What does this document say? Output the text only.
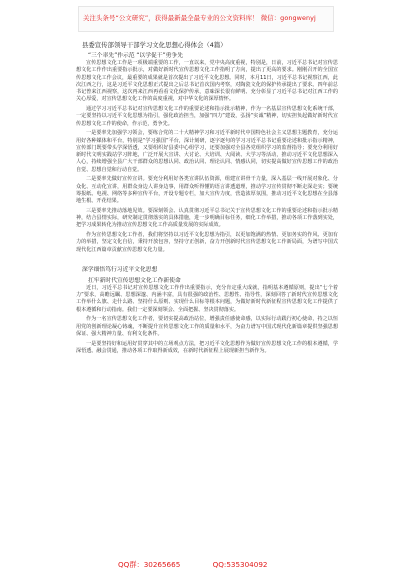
关注头条号“公文研究”，获得最新最全最专业的公文资料库！ 微信：gongwenyj
县委宣传部领导干部学习文化思想心得体会（4篇）
“三个率先”作示范 “以学促干”勇争先

宣传思想文化工作是一项极端重要的工作，一直以来，党中央高度重视，特别是，日前，习近平总书记对宣传思想文化工作作出重要指示批示，对做好新时代宣传思想文化工作指明了方向，提出了更高的要求。刚刚召开的全国宣传思想文化工作会议，最重要的成果就是首次提出了习近平文化思想。同时，本月11日，习近平总书记视察江西，此次江西之行，这是习近平文化思想正式提出之后总书记首次国内考察，对陶瓷文化的保护传承提出了要求。四年前总书记曾来江西视察，这次再来江西再看看文化保护传承，意味深长很有鲜明、充分彰显了习近平总书记对江西工作的关心厚爱，对宣传思想文化工作的高度重视，对中华文化的深厚情怀。

通过学习习近平总书记对宣传思想文化工作的重要论述和指示批示精神，作为一名基层宣传思想文化系统干部，一定要坚持以习近平文化思想为指引，强化政治担当，加强“四力”建设，弘扬“实诚”精神，切实担负起做好新时代宣传思想文化工作的使命，作示范，勇争先。

一是要率先加强学习领会，要练合党的二十大精神学习和习近平新时代中国特色社会主义思想主题教育，充分运用好各种媒体和平台，特别是“学习强国”平台，深计刻研，逐字逐句的学习习近平总书记重要论述和批示指示精神，宣传部门既要带头学深悟透，又要组织好县委中心组学习，还要加强对全县各党组织学习的监督指导；要充分利用好新时代文明实践站学习阵地，广泛开展大宣讲、大讨论、大培训、大阅读、大学习等活动，推动习近平文化思想深入人心，持续增强全县广大干部群众的思想认同、政治认同、理论认同、情感认同，切实提高做好宣传思想工作的政治自觉、思想自觉和行动自觉。

二是要率先做好宣传宣讲。要充分利用好各类宣讲队伍资源，组建宣讲骨干力量，深入基层一线开展对象化、分众化、互动化宣讲，用群众身边人讲身边事，用群众听得懂的语言讲透道理，推动学习宣传贯彻不断走深走实；要统筹报纸、电视、网络等多种宣传平台，开设专题专栏，加大宣传力度，营造浓厚氛围，推动习近平文化思想在全县落地生根、开花结果。

三是要率先推动落地见效。要深刻领会、认真贯彻习近平总书记关于宣传思想文化工作的重要论述和指示批示精神，结合县情实际，研究制定贯彻落实的具体措施，进一步明确目标任务，细化工作举措，推动各项工作落到实处，把学习成果转化为推动宣传思想文化工作高质量发展的实际成效。

作为宣传思想文化工作者，我们将坚持以习近平文化思想为指引，以更加饱满的热情、更加务实的作风、更加有力的举措，坚定文化自信，秉持开放包容，坚持守正创新，奋力开创新时代宣传思想文化工作新局面，为谱写中国式现代化江西篇章贡献宣传思想文化力量。

深学细悟笃行习近平文化思想
扛牢新时代宣传思想文化工作新使命

近日，习近平总书记对宣传思想文化工作作出重要指示，充分肯定重大成就，指明基本遵循原则，提出“七个着力”要求，高瞻远瞩、思想深邃、内涵丰富，具有很强的政治性、思想性、指导性，深刻回答了新时代宣传思想文化工作举什么旗、走什么路、坚持什么原则、实现什么目标等根本问题，为做好新时代新征程宣传思想文化工作提供了根本遵循和行动指南。我们一定要深刻领会、全面把握、坚决贯彻落实。

作为一名宣传思想文化工作者，要切实提高政治站位，增强责任感使命感，以实际行动践行初心使命，持之以恒用党的创新理论凝心铸魂，不断提升宣传思想文化工作的质量和水平，为奋力谱写中国式现代化新篇章提供坚强思想保证、强大精神力量、有利文化条件。

一是要坚持好和运用好贯穿其中的立场观点方法，把习近平文化思想作为做好宣传思想文化工作的根本遵循，学深悟透、融会贯通，推动各项工作取得新成效，在新时代新征程上展现新担当新作为。

QQ群：30265665	QQ:535304092
